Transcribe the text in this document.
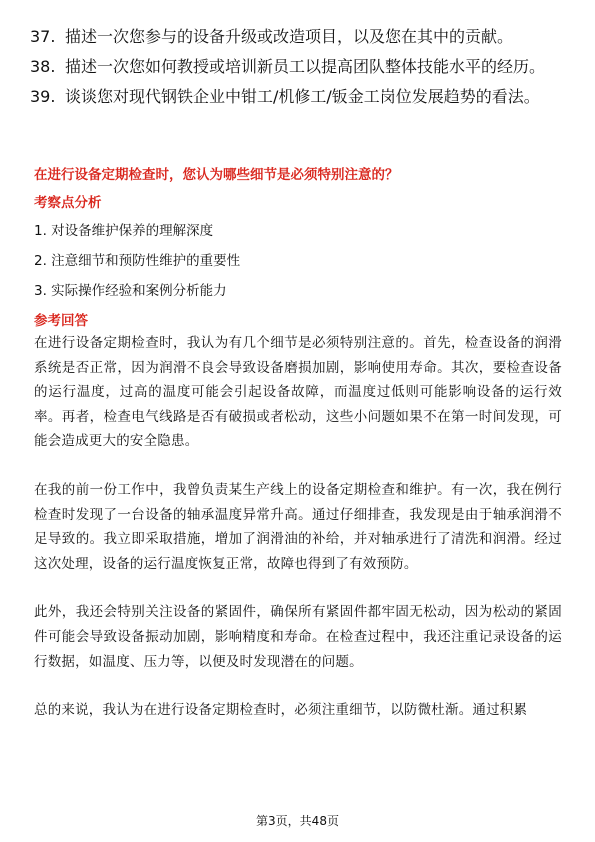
37. 描述一次您参与的设备升级或改造项目，以及您在其中的贡献。
38. 描述一次您如何教授或培训新员工以提高团队整体技能水平的经历。
39. 谈谈您对现代钢铁企业中钳工/机修工/钣金工岗位发展趋势的看法。
在进行设备定期检查时，您认为哪些细节是必须特别注意的？
考察点分析
1. 对设备维护保养的理解深度
2. 注意细节和预防性维护的重要性
3. 实际操作经验和案例分析能力
参考回答

在进行设备定期检查时，我认为有几个细节是必须特别注意的。首先，检查设备的润滑系统是否正常，因为润滑不良会导致设备磨损加剧，影响使用寿命。其次，要检查设备的运行温度，过高的温度可能会引起设备故障，而温度过低则可能影响设备的运行效率。再者，检查电气线路是否有破损或者松动，这些小问题如果不在第一时间发现，可能会造成更大的安全隐患。

在我的前一份工作中，我曾负责某生产线上的设备定期检查和维护。有一次，我在例行检查时发现了一台设备的轴承温度异常升高。通过仔细排查，我发现是由于轴承润滑不足导致的。我立即采取措施，增加了润滑油的补给，并对轴承进行了清洗和润滑。经过这次处理，设备的运行温度恢复正常，故障也得到了有效预防。

此外，我还会特别关注设备的紧固件，确保所有紧固件都牢固无松动，因为松动的紧固件可能会导致设备振动加剧，影响精度和寿命。在检查过程中，我还注重记录设备的运行数据，如温度、压力等，以便及时发现潜在的问题。

总的来说，我认为在进行设备定期检查时，必须注重细节，以防微杜渐。通过积累

第3页，共48页
